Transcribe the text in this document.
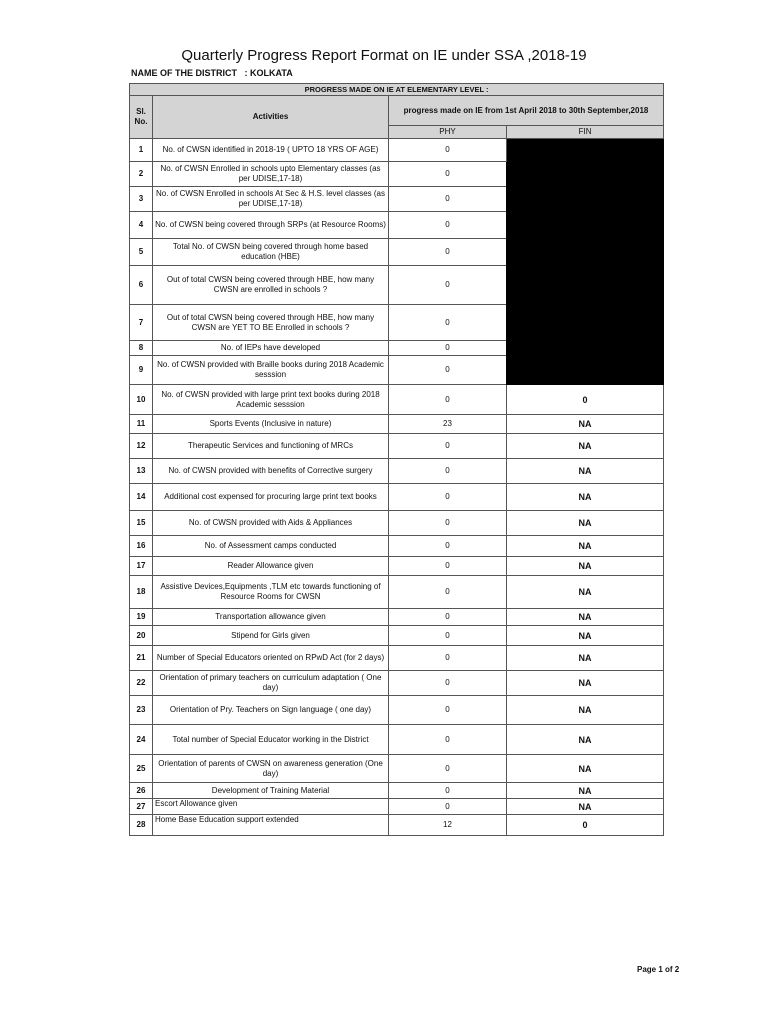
Quarterly Progress Report Format on IE under SSA ,2018-19
NAME OF THE DISTRICT : KOLKATA
PROGRESS MADE ON IE AT ELEMENTARY LEVEL :			
Sl. No.	Activities	progress made on IE from 1st April 2018 to 30th September,2018	
		PHY	FIN
1	No. of CWSN identified in 2018-19 ( UPTO 18 YRS OF AGE)	0	
2	No. of CWSN Enrolled in schools upto Elementary classes (as per UDISE,17-18)	0	
3	No. of CWSN Enrolled in schools At Sec & H.S. level classes (as per UDISE,17-18)	0	
4	No. of CWSN being covered through SRPs (at Resource Rooms)	0	
5	Total No. of CWSN being covered through home based education (HBE)	0	
6	Out of total CWSN being covered through HBE, how many CWSN are enrolled in schools ?	0	
7	Out of total CWSN being covered through HBE, how many CWSN are YET TO BE Enrolled in schools ?	0	
8	No. of IEPs have developed	0	
9	No. of CWSN provided with Braille books during 2018 Academic sesssion	0	
10	No. of CWSN provided with large print text books during 2018 Academic sesssion	0	0
11	Sports Events (Inclusive in nature)	23	NA
12	Therapeutic Services and functioning of MRCs	0	NA
13	No. of CWSN provided with benefits of Corrective surgery	0	NA
14	Additional cost expensed for procuring large print text books	0	NA
15	No. of CWSN provided with Aids & Appliances	0	NA
16	No. of Assessment camps conducted	0	NA
17	Reader Allowance given	0	NA
18	Assistive Devices,Equipments ,TLM etc towards functioning of Resource Rooms for CWSN	0	NA
19	Transportation allowance given	0	NA
20	Stipend for Girls given	0	NA
21	Number of Special Educators oriented on RPwD Act (for 2 days)	0	NA
22	Orientation of primary teachers on curriculum adaptation ( One day)	0	NA
23	Orientation of Pry. Teachers on Sign language ( one day)	0	NA
24	Total number of Special Educator working in the District	0	NA
25	Orientation of parents of CWSN on awareness generation (One day)	0	NA
26	Development of Training Material	0	NA
27	Escort Allowance given	0	NA
28	Home Base Education support extended	12	0
Page 1 of 2
